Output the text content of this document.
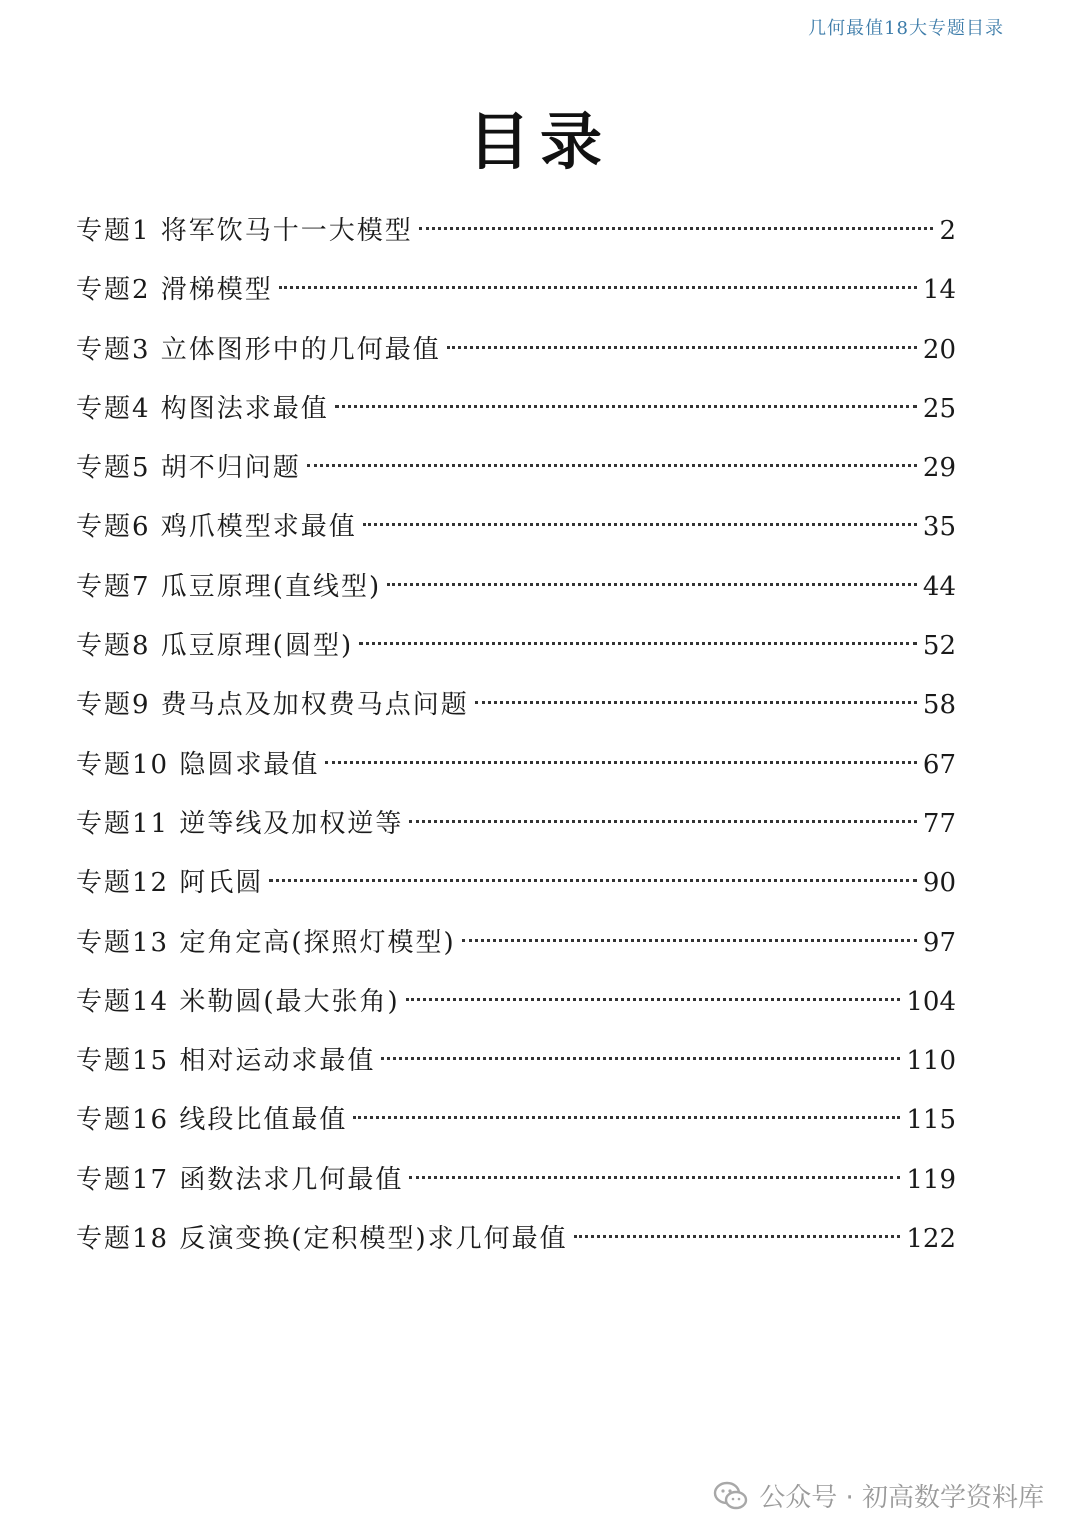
几何最值18大专题目录
目录
专题1 将军饮马十一大模型	2
专题2 滑梯模型	14
专题3 立体图形中的几何最值	20
专题4 构图法求最值	25
专题5 胡不归问题	29
专题6 鸡爪模型求最值	35
专题7 瓜豆原理(直线型)	44
专题8 瓜豆原理(圆型)	52
专题9 费马点及加权费马点问题	58
专题10 隐圆求最值	67
专题11 逆等线及加权逆等	77
专题12 阿氏圆	90
专题13 定角定高(探照灯模型)	97
专题14 米勒圆(最大张角)	104
专题15 相对运动求最值	110
专题16 线段比值最值	115
专题17 函数法求几何最值	119
专题18 反演变换(定积模型)求几何最值	122
公众号 · 初高数学资料库
